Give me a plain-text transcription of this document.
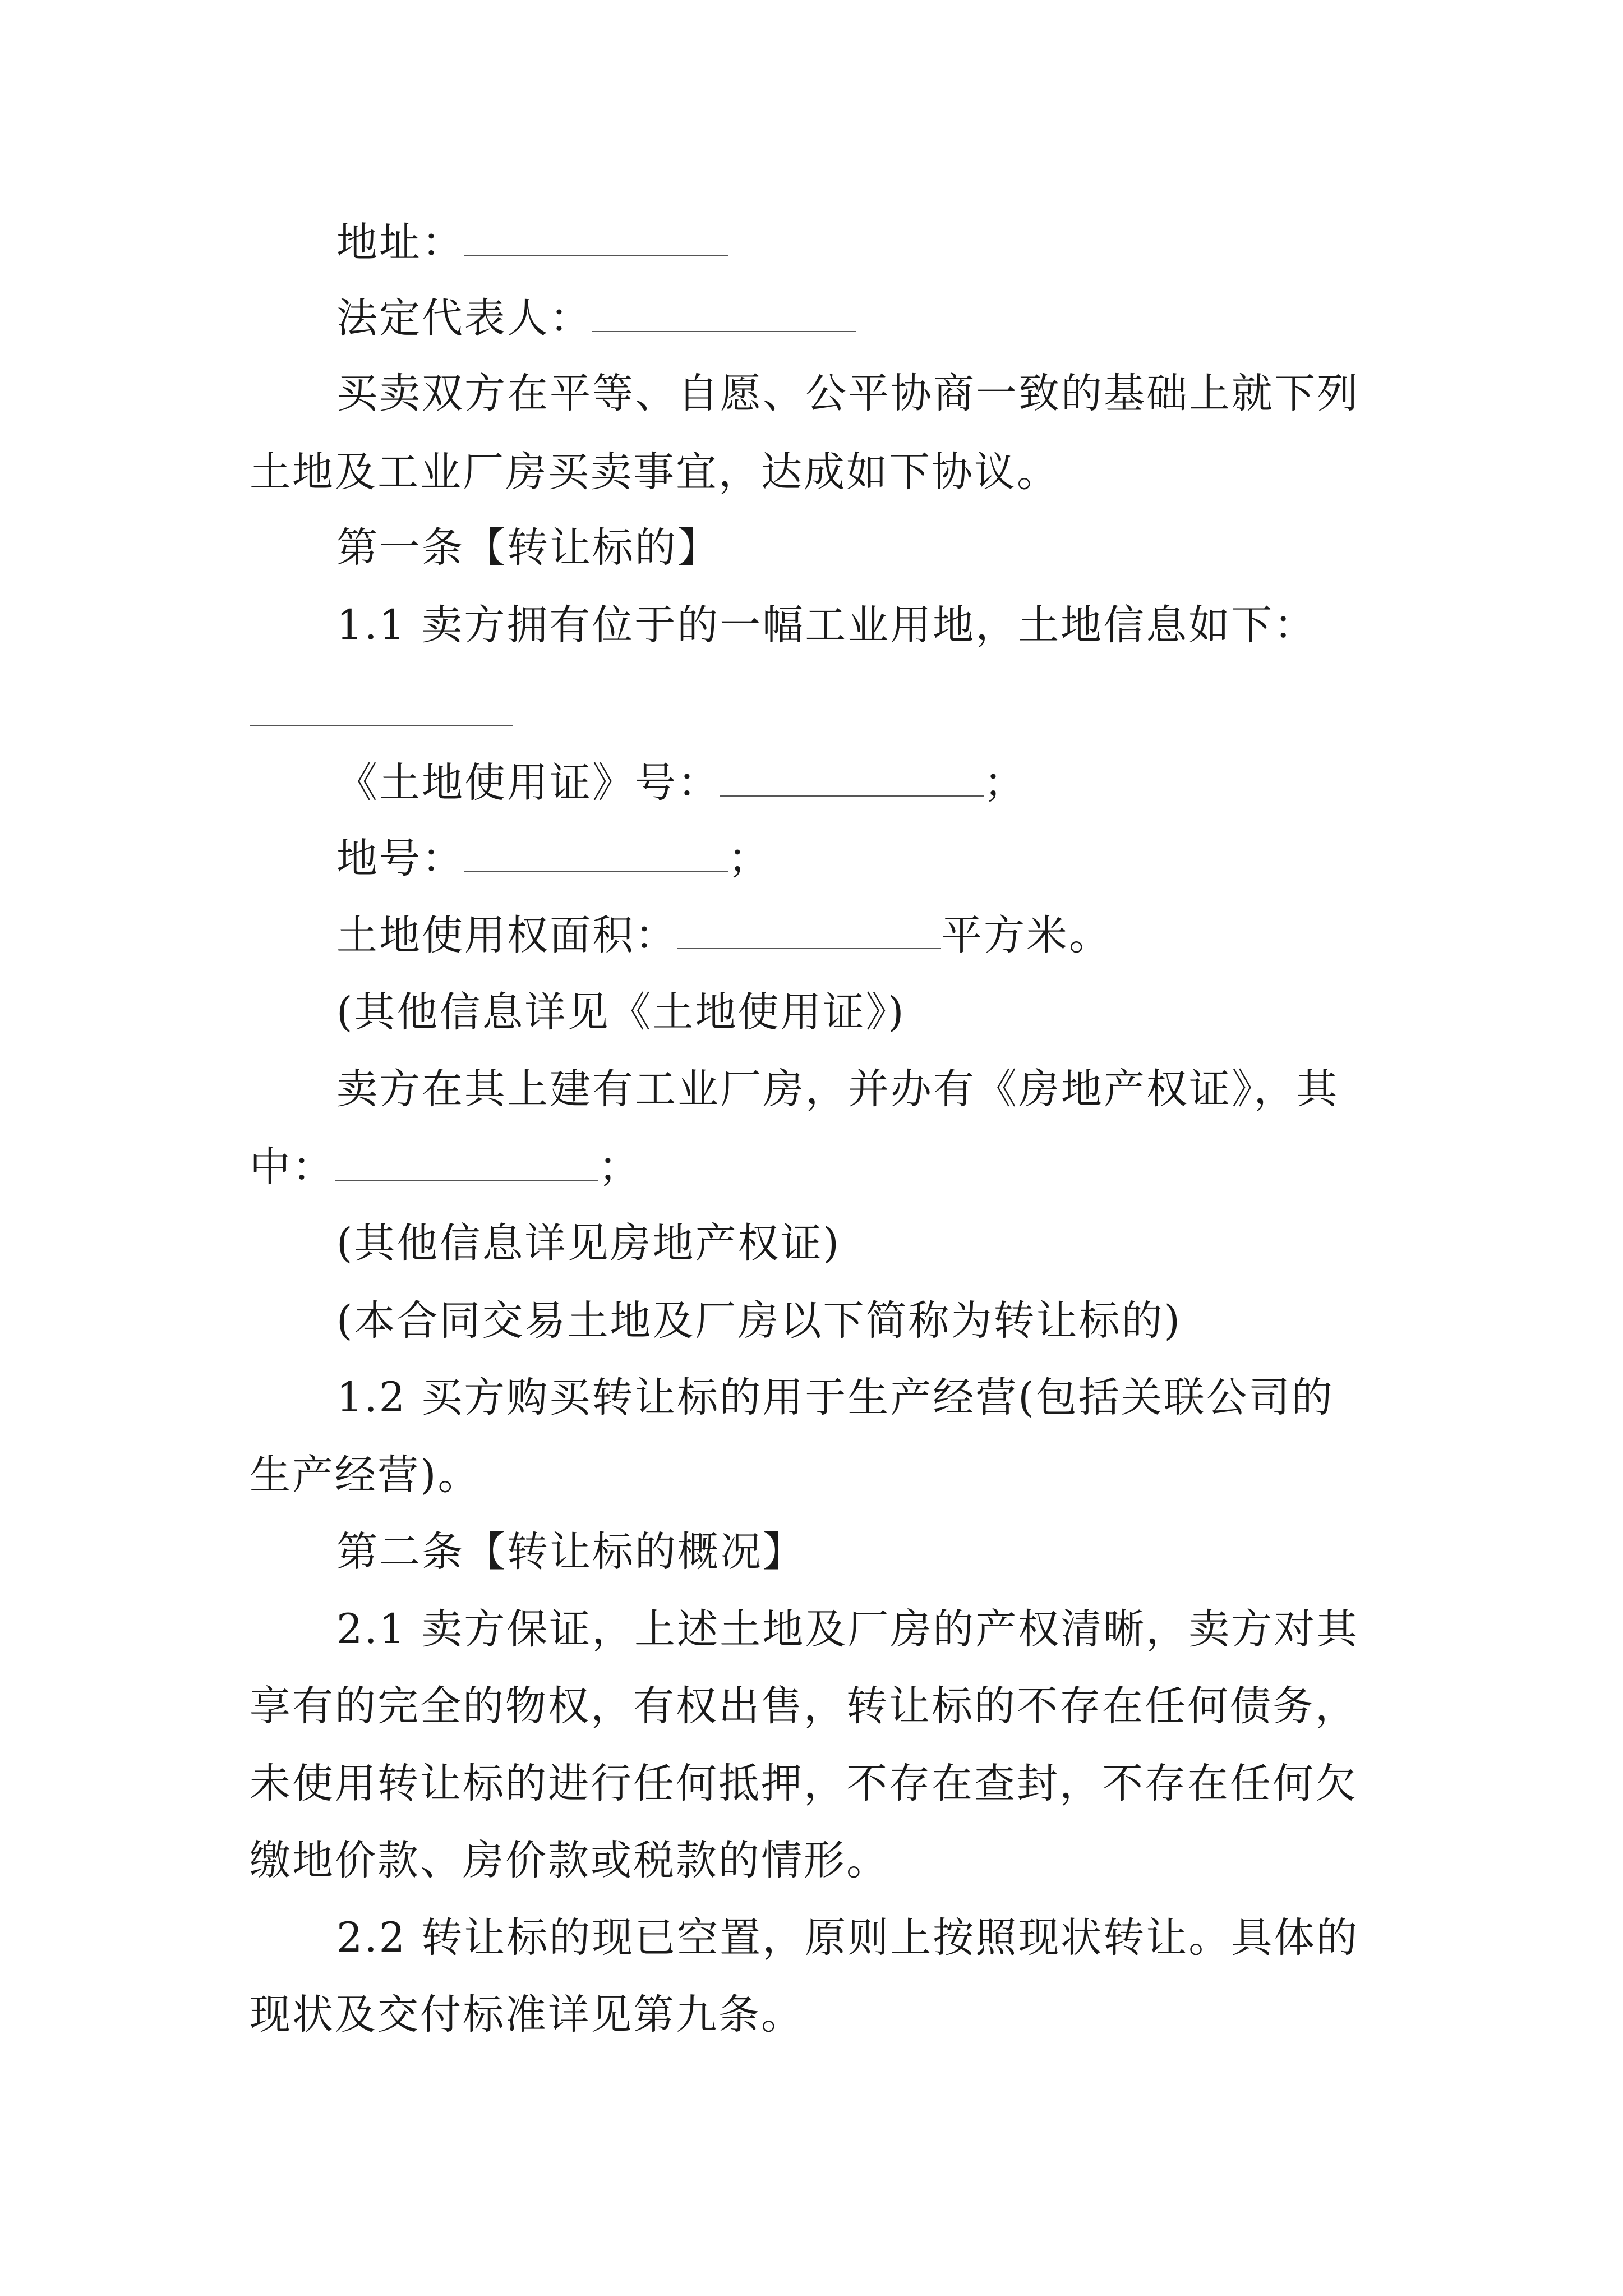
地址：
法定代表人：
买卖双方在平等、自愿、公平协商一致的基础上就下列
土地及工业厂房买卖事宜，达成如下协议。
第一条【转让标的】
1.1 卖方拥有位于的一幅工业用地，土地信息如下：
《土地使用证》号：	；
地号：	；
土地使用权面积：	平方米。
(其他信息详见《土地使用证》)
卖方在其上建有工业厂房，并办有《房地产权证》，其
中：	；
(其他信息详见房地产权证)
(本合同交易土地及厂房以下简称为转让标的)
1.2 买方购买转让标的用于生产经营(包括关联公司的
生产经营)。
第二条【转让标的概况】
2.1 卖方保证，上述土地及厂房的产权清晰，卖方对其
享有的完全的物权，有权出售，转让标的不存在任何债务，
未使用转让标的进行任何抵押，不存在查封，不存在任何欠
缴地价款、房价款或税款的情形。
2.2 转让标的现已空置，原则上按照现状转让。具体的
现状及交付标准详见第九条。
